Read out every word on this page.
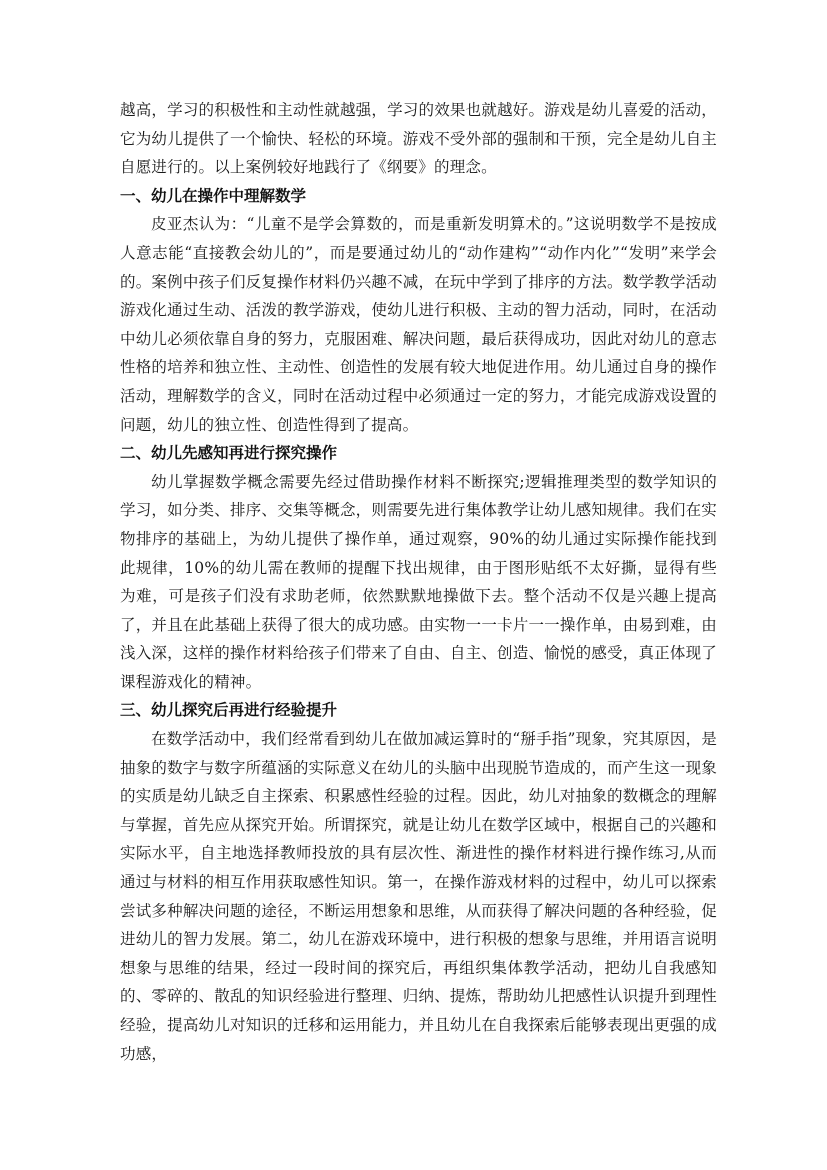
越高，学习的积极性和主动性就越强，学习的效果也就越好。游戏是幼儿喜爱的活动，它为幼儿提供了一个愉快、轻松的环境。游戏不受外部的强制和干预，完全是幼儿自主自愿进行的。以上案例较好地践行了《纲要》的理念。

一、幼儿在操作中理解数学

皮亚杰认为：“儿童不是学会算数的，而是重新发明算术的。”这说明数学不是按成人意志能“直接教会幼儿的”，而是要通过幼儿的“动作建构”“动作内化”“发明”来学会的。案例中孩子们反复操作材料仍兴趣不减，在玩中学到了排序的方法。数学教学活动游戏化通过生动、活泼的教学游戏，使幼儿进行积极、主动的智力活动，同时，在活动中幼儿必须依靠自身的努力，克服困难、解决问题，最后获得成功，因此对幼儿的意志性格的培养和独立性、主动性、创造性的发展有较大地促进作用。幼儿通过自身的操作活动，理解数学的含义，同时在活动过程中必须通过一定的努力，才能完成游戏设置的问题，幼儿的独立性、创造性得到了提高。

二、幼儿先感知再进行探究操作

幼儿掌握数学概念需要先经过借助操作材料不断探究;逻辑推理类型的数学知识的学习，如分类、排序、交集等概念，则需要先进行集体教学让幼儿感知规律。我们在实物排序的基础上，为幼儿提供了操作单，通过观察，90%的幼儿通过实际操作能找到此规律，10%的幼儿需在教师的提醒下找出规律，由于图形贴纸不太好撕，显得有些为难，可是孩子们没有求助老师，依然默默地操做下去。整个活动不仅是兴趣上提高了，并且在此基础上获得了很大的成功感。由实物一一卡片一一操作单，由易到难，由浅入深，这样的操作材料给孩子们带来了自由、自主、创造、愉悦的感受，真正体现了课程游戏化的精神。

三、幼儿探究后再进行经验提升

在数学活动中，我们经常看到幼儿在做加减运算时的“掰手指”现象，究其原因，是抽象的数字与数字所蕴涵的实际意义在幼儿的头脑中出现脱节造成的，而产生这一现象的实质是幼儿缺乏自主探索、积累感性经验的过程。因此，幼儿对抽象的数概念的理解与掌握，首先应从探究开始。所谓探究，就是让幼儿在数学区域中，根据自己的兴趣和实际水平，自主地选择教师投放的具有层次性、渐进性的操作材料进行操作练习,从而通过与材料的相互作用获取感性知识。第一，在操作游戏材料的过程中，幼儿可以探索尝试多种解决问题的途径，不断运用想象和思维，从而获得了解决问题的各种经验，促进幼儿的智力发展。第二，幼儿在游戏环境中，进行积极的想象与思维，并用语言说明想象与思维的结果，经过一段时间的探究后，再组织集体教学活动，把幼儿自我感知的、零碎的、散乱的知识经验进行整理、归纳、提炼，帮助幼儿把感性认识提升到理性经验，提高幼儿对知识的迁移和运用能力，并且幼儿在自我探索后能够表现出更强的成功感，
